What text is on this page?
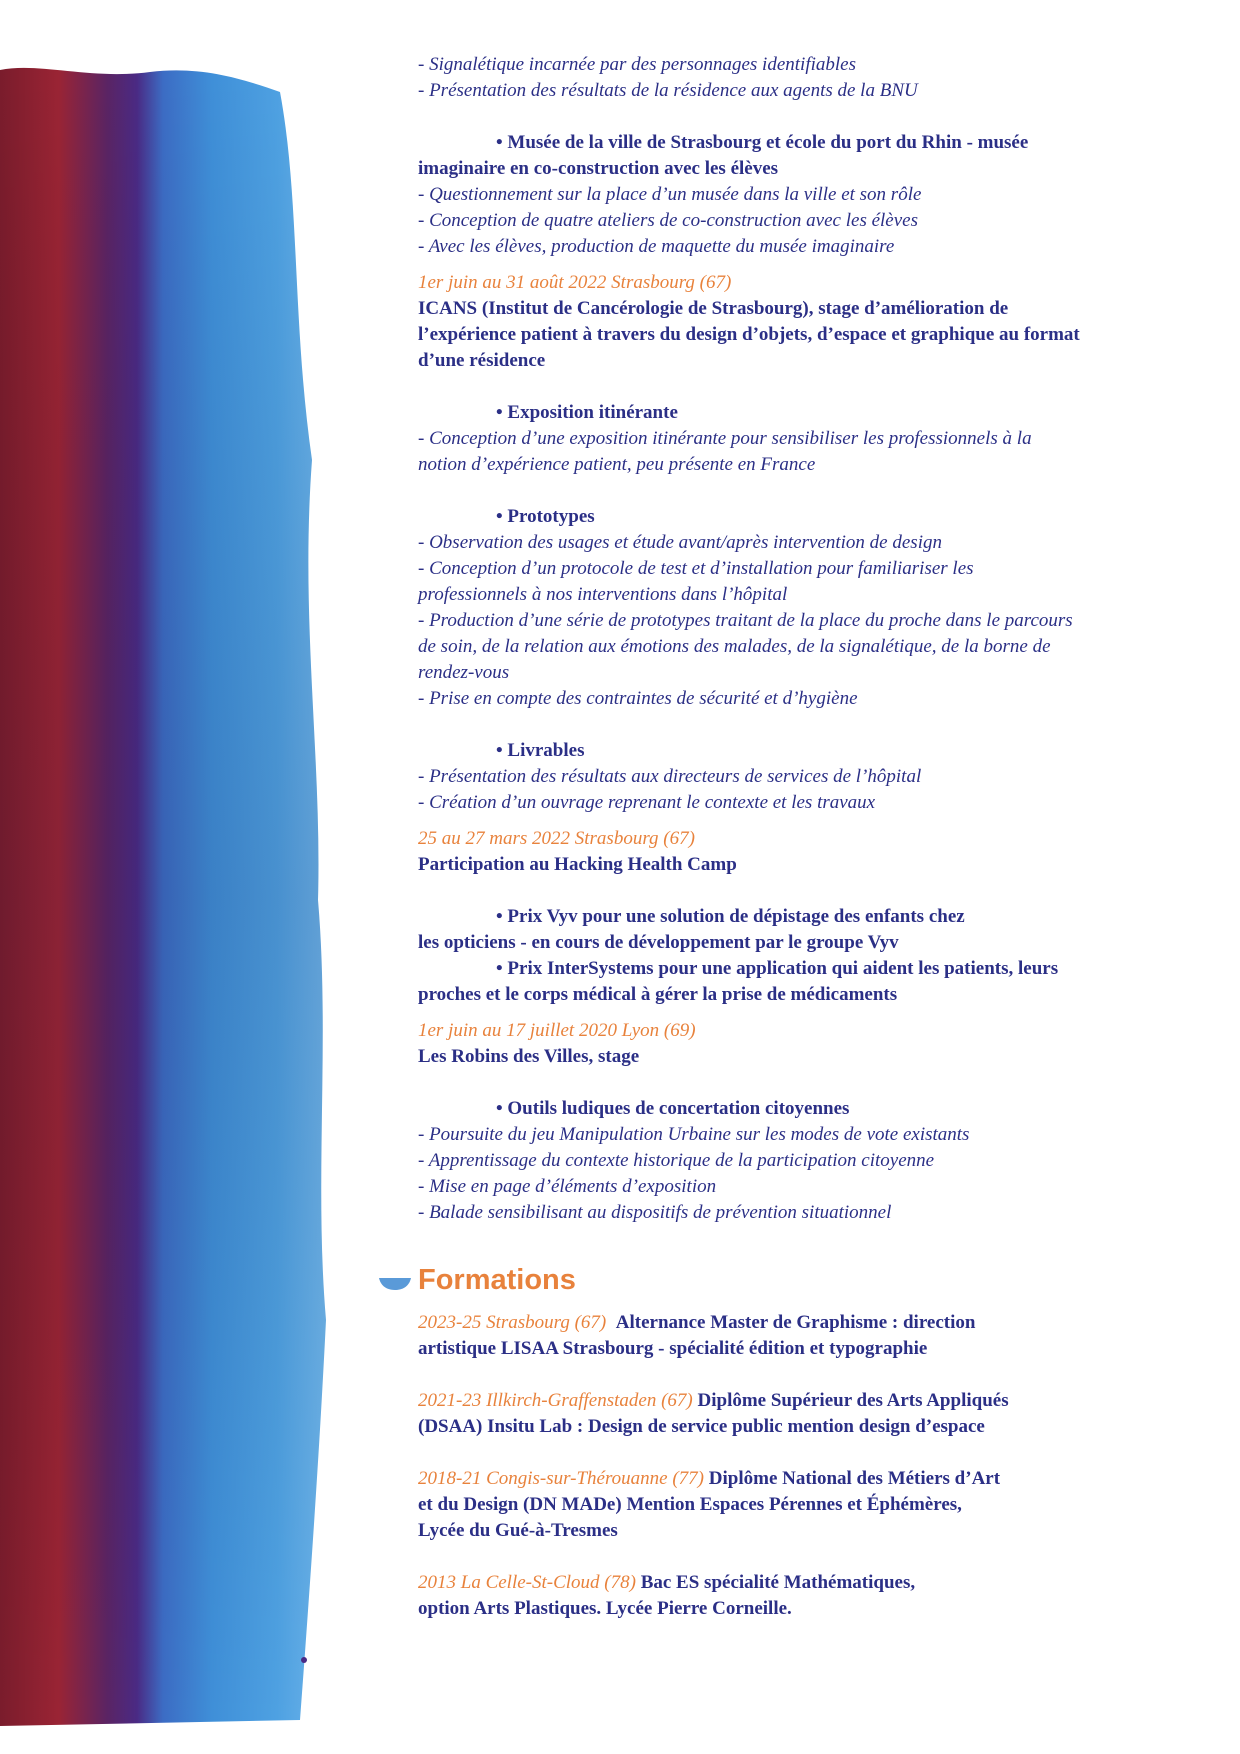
- Signalétique incarnée par des personnages identifiables
- Présentation des résultats de la résidence aux agents de la BNU
• Musée de la ville de Strasbourg et école du port du Rhin - musée
imaginaire en co-construction avec les élèves
- Questionnement sur la place d’un musée dans la ville et son rôle
- Conception de quatre ateliers de co-construction avec les élèves
- Avec les élèves, production de maquette du musée imaginaire
1er juin au 31 août 2022 Strasbourg (67)
ICANS (Institut de Cancérologie de Strasbourg), stage d’amélioration de
l’expérience patient à travers du design d’objets, d’espace et graphique au format
d’une résidence
• Exposition itinérante
- Conception d’une exposition itinérante pour sensibiliser les professionnels à la
notion d’expérience patient, peu présente en France
• Prototypes
- Observation des usages et étude avant/après intervention de design
- Conception d’un protocole de test et d’installation pour familiariser les
professionnels à nos interventions dans l’hôpital
- Production d’une série de prototypes traitant de la place du proche dans le parcours
de soin, de la relation aux émotions des malades, de la signalétique, de la borne de
rendez-vous
- Prise en compte des contraintes de sécurité et d’hygiène
• Livrables
- Présentation des résultats aux directeurs de services de l’hôpital
- Création d’un ouvrage reprenant le contexte et les travaux
25 au 27 mars 2022 Strasbourg (67)
Participation au Hacking Health Camp
• Prix Vyv pour une solution de dépistage des enfants chez
les opticiens - en cours de développement par le groupe Vyv
• Prix InterSystems pour une application qui aident les patients, leurs
proches et le corps médical à gérer la prise de médicaments
1er juin au 17 juillet 2020 Lyon (69)
Les Robins des Villes, stage
• Outils ludiques de concertation citoyennes
- Poursuite du jeu Manipulation Urbaine sur les modes de vote existants
- Apprentissage du contexte historique de la participation citoyenne
- Mise en page d’éléments d’exposition
- Balade sensibilisant au dispositifs de prévention situationnel
Formations
2023-25 Strasbourg (67) Alternance Master de Graphisme : direction
artistique LISAA Strasbourg - spécialité édition et typographie
2021-23 Illkirch-Graffenstaden (67) Diplôme Supérieur des Arts Appliqués
(DSAA) Insitu Lab : Design de service public mention design d’espace
2018-21 Congis-sur-Thérouanne (77) Diplôme National des Métiers d’Art
et du Design (DN MADe) Mention Espaces Pérennes et Éphémères,
Lycée du Gué-à-Tresmes
2013 La Celle-St-Cloud (78) Bac ES spécialité Mathématiques,
option Arts Plastiques. Lycée Pierre Corneille.
